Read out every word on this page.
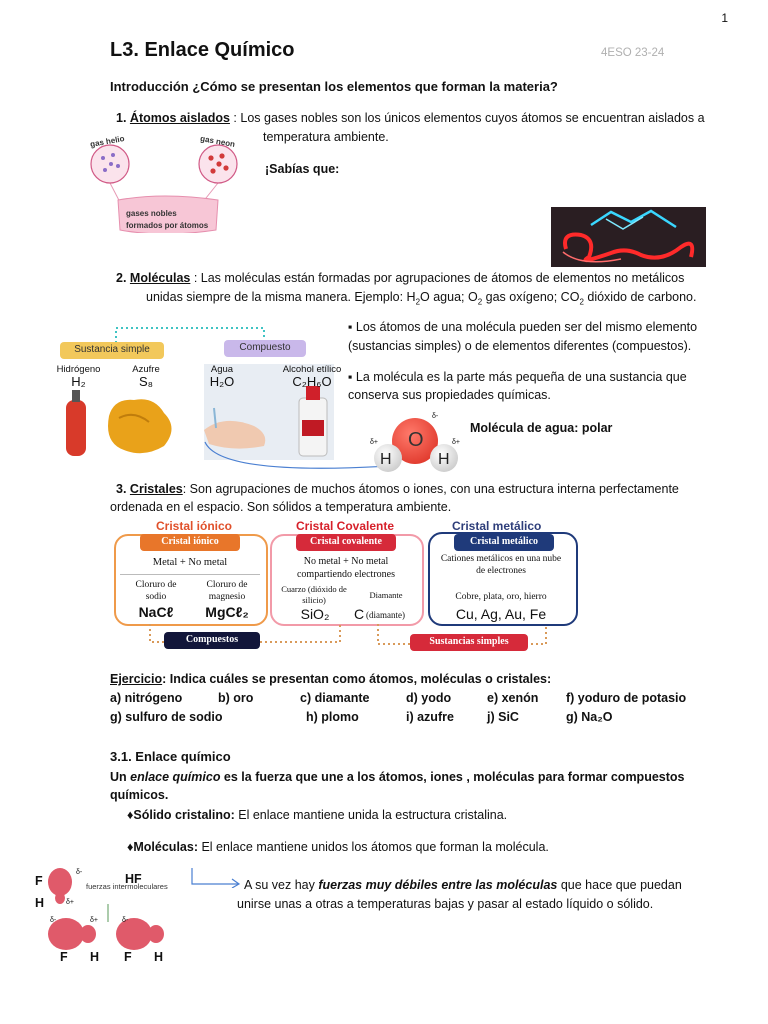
1
L3. Enlace Químico	4ESO 23-24
Introducción ¿Cómo se presentan los elementos que forman la materia?
1. Átomos aislados : Los gases nobles son los únicos elementos cuyos átomos se encuentran aislados a
temperatura ambiente.
¡Sabías que:
gas helio	gas neon
gases nobles
formados por átomos
2. Moléculas : Las moléculas están formadas por agrupaciones de átomos de elementos no metálicos
unidas siempre de la misma manera. Ejemplo: $H_2O$ agua; $O_2$ gas oxígeno; $CO_2$ dióxido de carbono.
Sustancia simple	Compuesto
Hidrógeno
H₂
Azufre
S₈
Agua
H₂O
Alcohol etílico
C₂H₆O
▪ Los átomos de una molécula pueden ser del mismo elemento
(sustancias simples) o de elementos diferentes (compuestos).
▪ La molécula es la parte más pequeña de una sustancia que
conserva sus propiedades químicas.
O
H	H
δ+	δ+
δ-
Molécula de agua: polar
3. Cristales: Son agrupaciones de muchos átomos o iones, con una estructura interna perfectamente
ordenada en el espacio. Son sólidos a temperatura ambiente.
Cristal iónico	Cristal Covalente	Cristal metálico
Cristal iónico	Cristal covalente	Cristal metálico
Metal + No metal
Cloruro de sodio
Cloruro de magnesio
NaCℓ	MgCℓ₂
No metal + No metal compartiendo electrones
Cuarzo (dióxido de silicio)	Diamante
SiO₂	C (diamante)
Cationes metálicos en una nube de electrones
Cobre, plata, oro, hierro
Cu, Ag, Au, Fe
Compuestos	Sustancias simples
Ejercicio: Indica cuáles se presentan como átomos, moléculas o cristales:
a) nitrógeno	b) oro	c) diamante	d) yodo	e) xenón f) yoduro de potasio
g) sulfuro de sodio	h) plomo	i) azufre	j) SiC	g) Na₂O
3.1. Enlace químico
Un enlace químico es la fuerza que une a los átomos, iones , moléculas para formar compuestos
químicos.
♦Sólido cristalino: El enlace mantiene unida la estructura cristalina.
♦Moléculas: El enlace mantiene unidos los átomos que forman la molécula.
F
H
HF
fuerzas intermoleculares
δ-
δ+
δ+	δ-
δ-
F H F H
A su vez hay fuerzas muy débiles entre las moléculas que hace que puedan
unirse unas a otras a temperaturas bajas y pasar al estado líquido o sólido.
